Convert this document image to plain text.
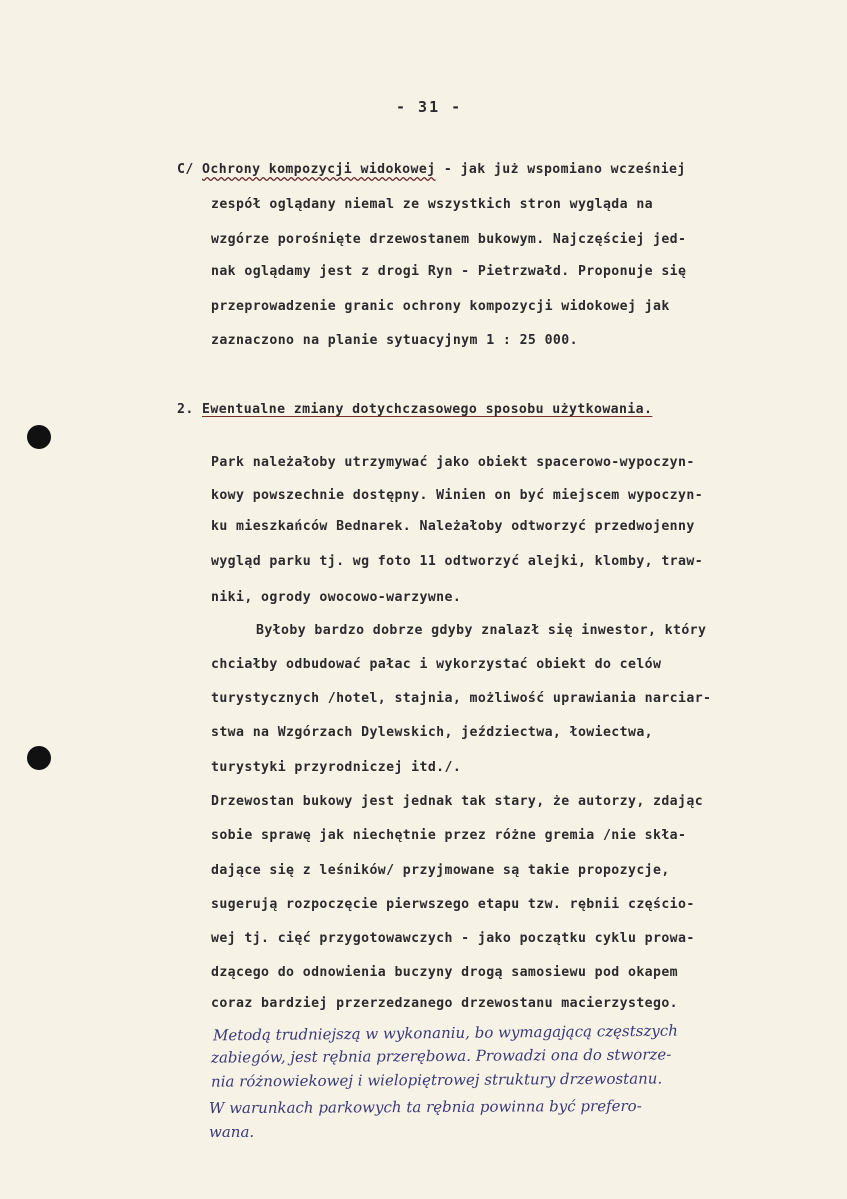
- 31 -
C/ Ochrony kompozycji widokowej - jak już wspomiano wcześniej
zespół oglądany niemal ze wszystkich stron wygląda na
wzgórze porośnięte drzewostanem bukowym. Najczęściej jed-
nak oglądamy jest z drogi Ryn - Pietrzwałd. Proponuje się
przeprowadzenie granic ochrony kompozycji widokowej jak
zaznaczono na planie sytuacyjnym 1 : 25 000.
2. Ewentualne zmiany dotychczasowego sposobu użytkowania.
Park należałoby utrzymywać jako obiekt spacerowo-wypoczyn-
kowy powszechnie dostępny. Winien on być miejscem wypoczyn-
ku mieszkańców Bednarek. Należałoby odtworzyć przedwojenny
wygląd parku tj. wg foto 11 odtworzyć alejki, klomby, traw-
niki, ogrody owocowo-warzywne.
Byłoby bardzo dobrze gdyby znalazł się inwestor, który
chciałby odbudować pałac i wykorzystać obiekt do celów
turystycznych /hotel, stajnia, możliwość uprawiania narciar-
stwa na Wzgórzach Dylewskich, jeździectwa, łowiectwa,
turystyki przyrodniczej itd./.
Drzewostan bukowy jest jednak tak stary, że autorzy, zdając
sobie sprawę jak niechętnie przez różne gremia /nie skła-
dające się z leśników/ przyjmowane są takie propozycje,
sugerują rozpoczęcie pierwszego etapu tzw. rębnii częścio-
wej tj. cięć przygotowawczych - jako początku cyklu prowa-
dzącego do odnowienia buczyny drogą samosiewu pod okapem
coraz bardziej przerzedzanego drzewostanu macierzystego.
Metodą trudniejszą w wykonaniu, bo wymagającą częstszych
zabiegów, jest rębnia przerębowa. Prowadzi ona do stworze-
nia różnowiekowej i wielopiętrowej struktury drzewostanu.
W warunkach parkowych ta rębnia powinna być prefero-
wana.
